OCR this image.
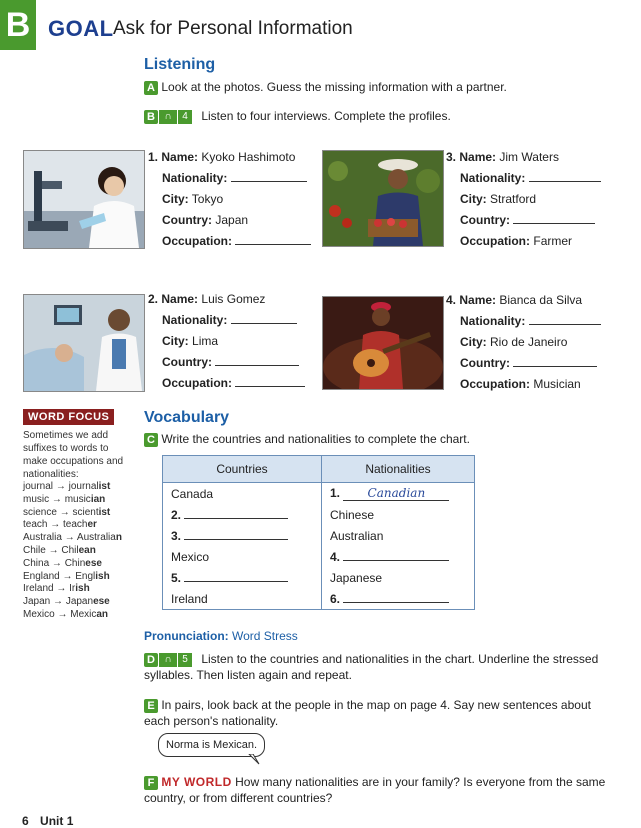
B GOAL Ask for Personal Information
Listening
A Look at the photos. Guess the missing information with a partner.
B ∩	4	Listen to four interviews. Complete the profiles.
1. Name: Kyoko Hashimoto
Nationality:
City: Tokyo
Country: Japan
Occupation:
3. Name: Jim Waters
Nationality:
City: Stratford
Country:
Occupation: Farmer
2. Name: Luis Gomez
Nationality:
City: Lima
Country:
Occupation:
4. Name: Bianca da Silva
Nationality:
City: Rio de Janeiro
Country:
Occupation: Musician
WORD FOCUS
Sometimes we add suffixes to words to make occupations and nationalities:
journal → journalist
music → musician
science → scientist
teach → teacher
Australia → Australian
Chile → Chilean
China → Chinese
England → English
Ireland → Irish
Japan → Japanese
Mexico → Mexican
Vocabulary
C Write the countries and nationalities to complete the chart.
Countries	Nationalities
Canada	1. Canadian
2.	Chinese
3.	Australian
Mexico	4.
5.	Japanese
Ireland	6.
Pronunciation: Word Stress
D ∩	5	Listen to the countries and nationalities in the chart. Underline the stressed syllables. Then listen again and repeat.
E In pairs, look back at the people in the map on page 4. Say new sentences about each person's nationality.
Norma is Mexican.
F MY WORLD How many nationalities are in your family? Is everyone from the same country, or from different countries?
6 Unit 1
